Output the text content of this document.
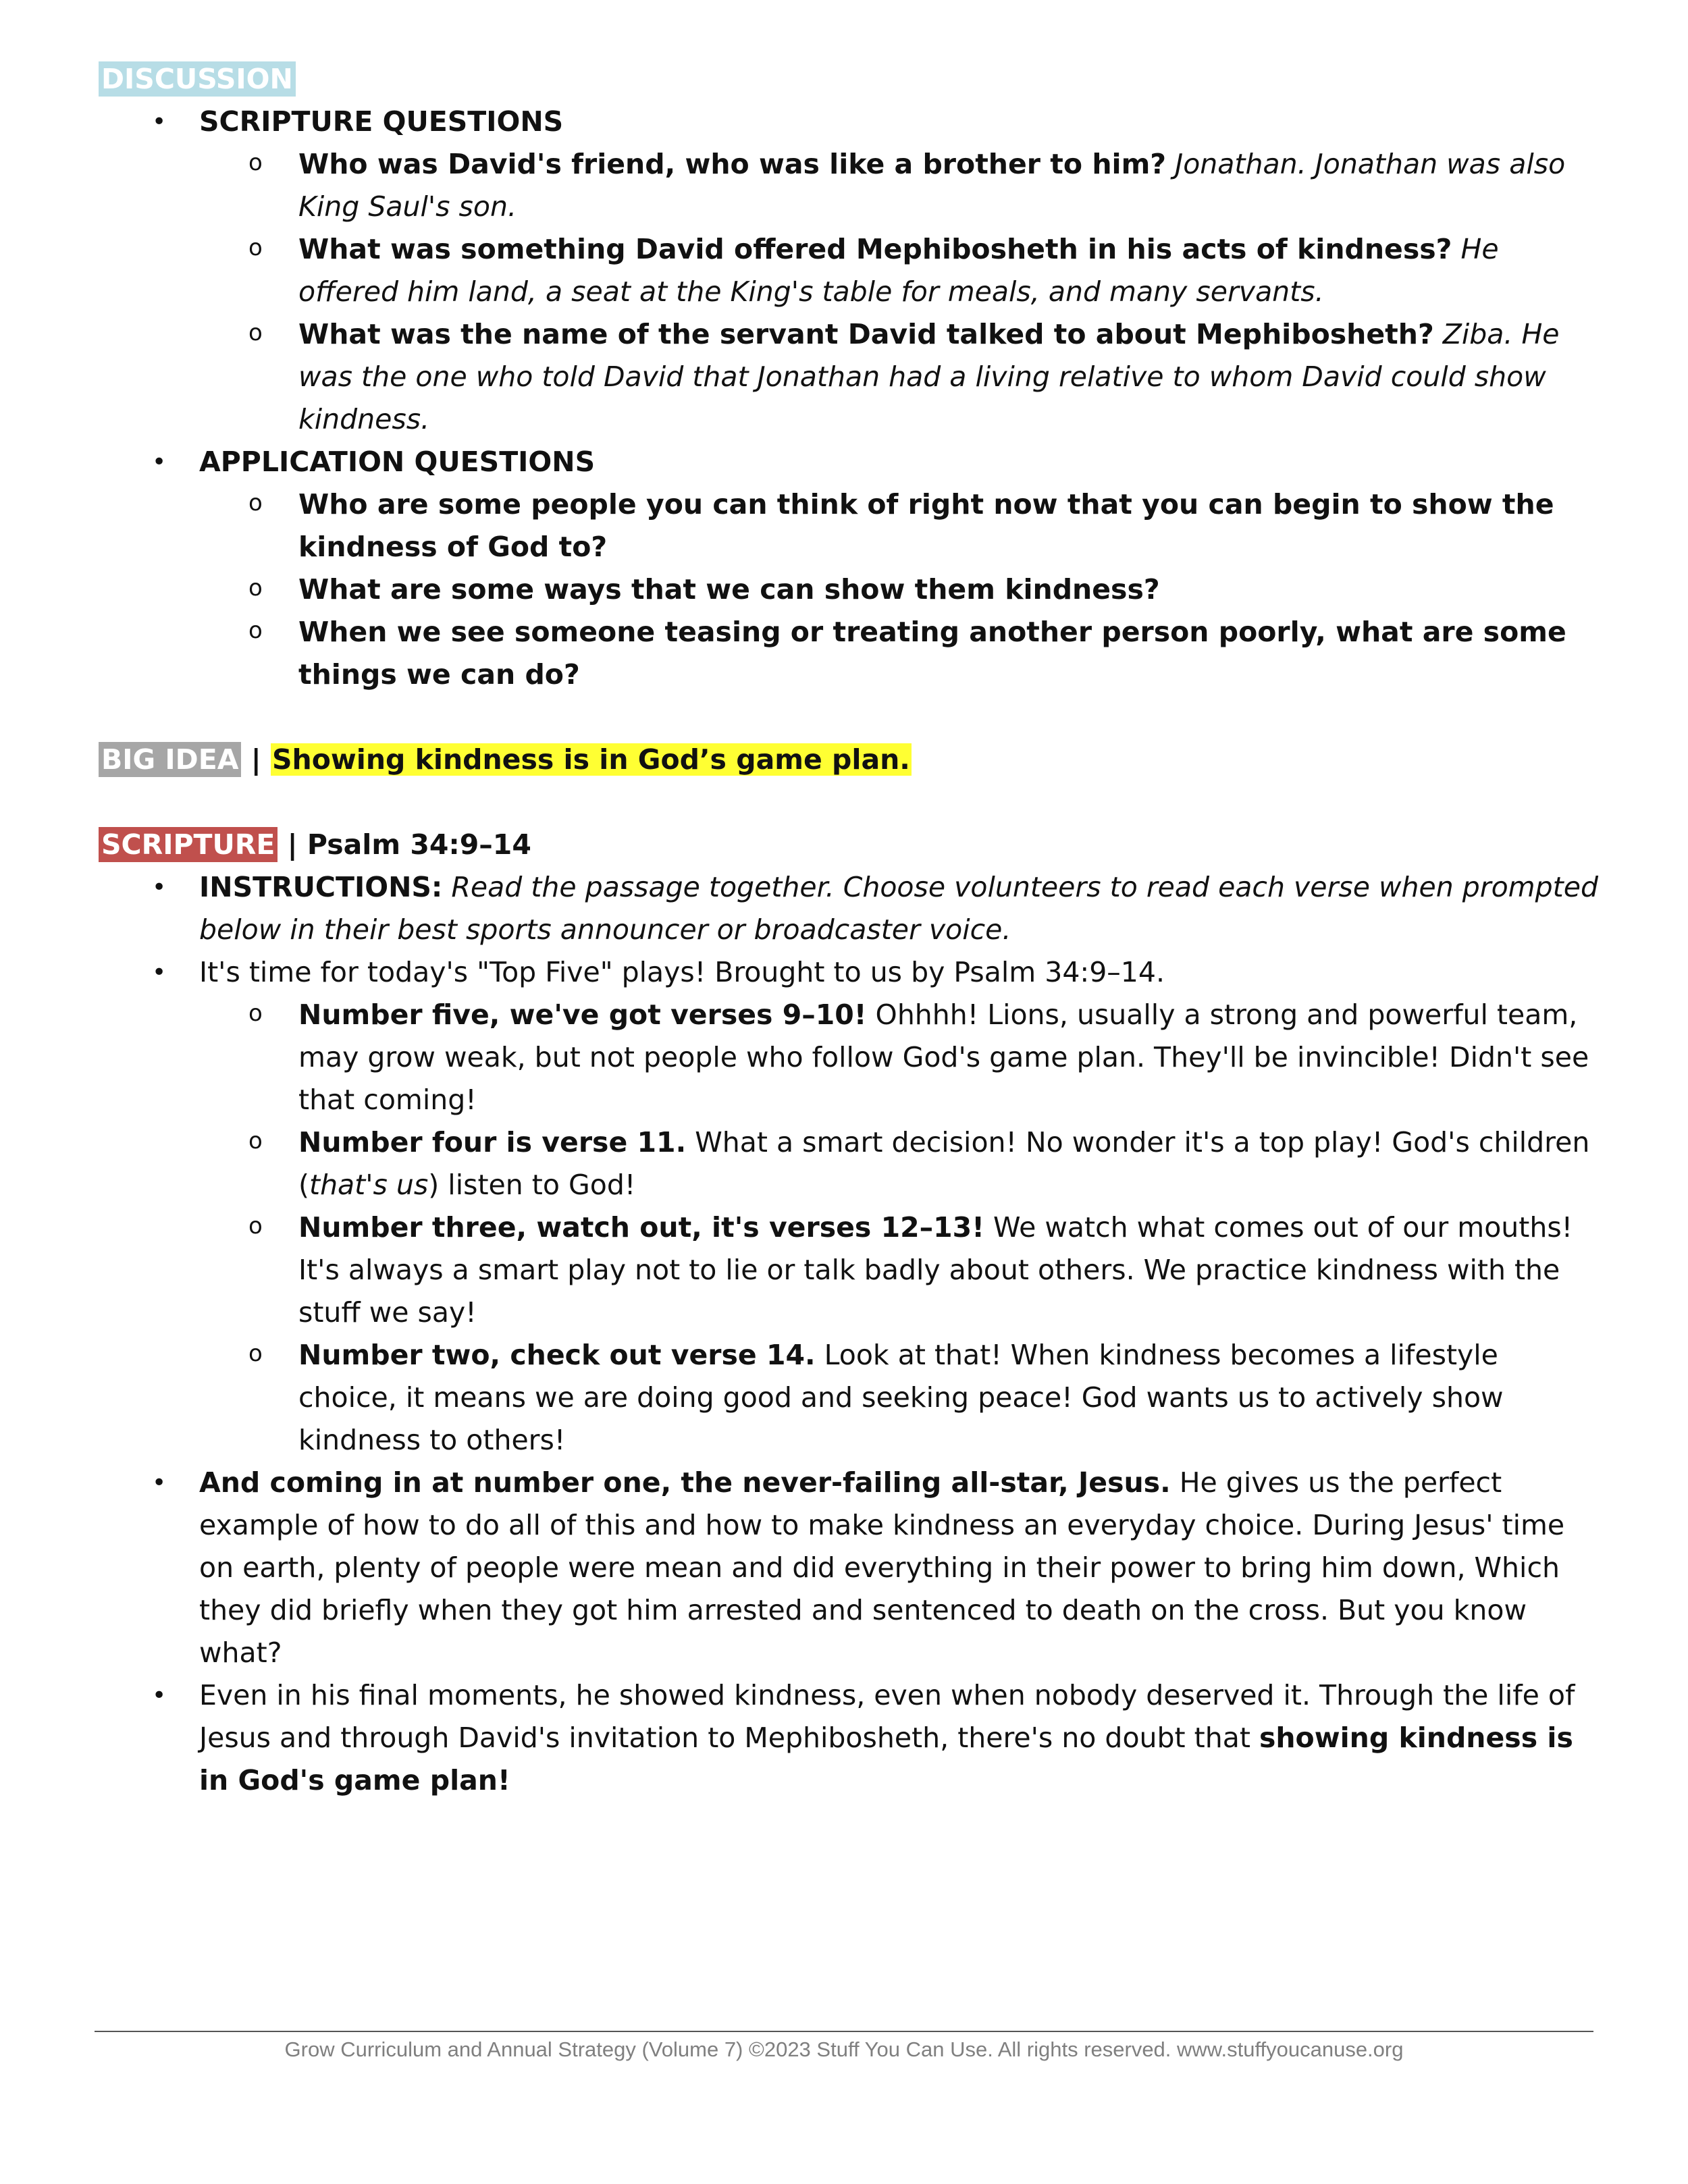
DISCUSSION
• SCRIPTURE QUESTIONS
o Who was David's friend, who was like a brother to him? Jonathan. Jonathan was also King Saul's son.
o What was something David offered Mephibosheth in his acts of kindness? He offered him land, a seat at the King's table for meals, and many servants.
o What was the name of the servant David talked to about Mephibosheth? Ziba. He was the one who told David that Jonathan had a living relative to whom David could show kindness.
• APPLICATION QUESTIONS
o Who are some people you can think of right now that you can begin to show the kindness of God to?
o What are some ways that we can show them kindness?
o When we see someone teasing or treating another person poorly, what are some things we can do?
BIG IDEA | Showing kindness is in God’s game plan.
SCRIPTURE | Psalm 34:9–14
• INSTRUCTIONS: Read the passage together. Choose volunteers to read each verse when prompted below in their best sports announcer or broadcaster voice.
• It's time for today's "Top Five" plays! Brought to us by Psalm 34:9–14.
o Number five, we've got verses 9–10! Ohhhh! Lions, usually a strong and powerful team, may grow weak, but not people who follow God's game plan. They'll be invincible! Didn't see that coming!
o Number four is verse 11. What a smart decision! No wonder it's a top play! God's children (that's us) listen to God!
o Number three, watch out, it's verses 12–13! We watch what comes out of our mouths! It's always a smart play not to lie or talk badly about others. We practice kindness with the stuff we say!
o Number two, check out verse 14. Look at that! When kindness becomes a lifestyle choice, it means we are doing good and seeking peace! God wants us to actively show kindness to others!
• And coming in at number one, the never-failing all-star, Jesus. He gives us the perfect example of how to do all of this and how to make kindness an everyday choice. During Jesus' time on earth, plenty of people were mean and did everything in their power to bring him down, Which they did briefly when they got him arrested and sentenced to death on the cross. But you know what?
• Even in his final moments, he showed kindness, even when nobody deserved it. Through the life of Jesus and through David's invitation to Mephibosheth, there's no doubt that showing kindness is in God's game plan!
Grow Curriculum and Annual Strategy (Volume 7) ©2023 Stuff You Can Use. All rights reserved. www.stuffyoucanuse.org
